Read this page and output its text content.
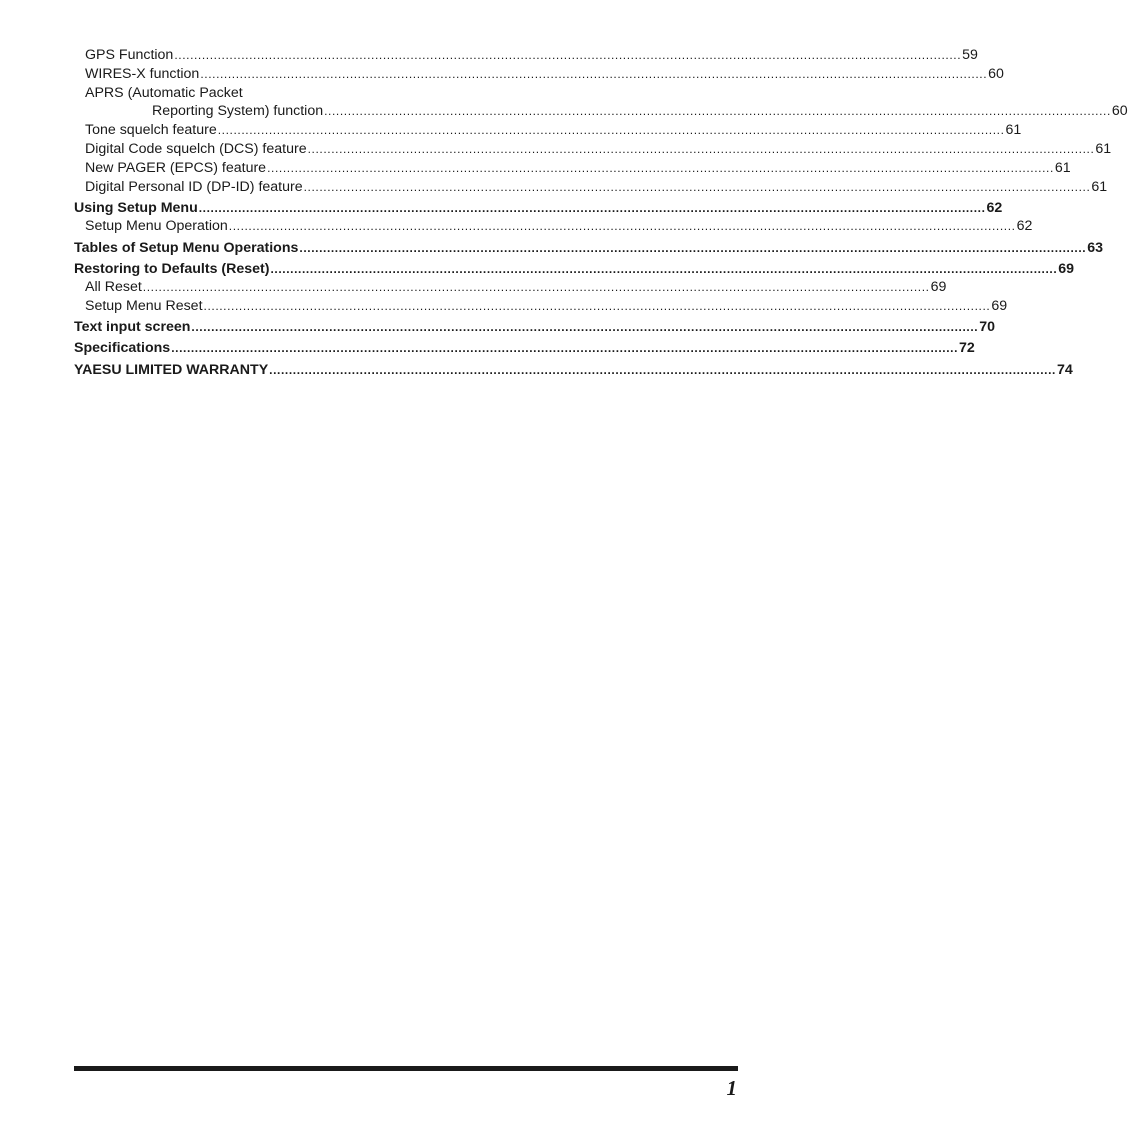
GPS Function ........................................................................................................................................................................................................ 59
WIRES-X function ........................................................................................................................................................................................................ 60
APRS (Automatic Packet
Reporting System) function ........................................................................................................................................................................................................ 60
Tone squelch feature ........................................................................................................................................................................................................ 61
Digital Code squelch (DCS) feature ........................................................................................................................................................................................................ 61
New PAGER (EPCS) feature ........................................................................................................................................................................................................ 61
Digital Personal ID (DP-ID) feature ........................................................................................................................................................................................................ 61
Using Setup Menu ........................................................................................................................................................................................................ 62
Setup Menu Operation ........................................................................................................................................................................................................ 62
Tables of Setup Menu Operations ........................................................................................................................................................................................................ 63
Restoring to Defaults (Reset) ........................................................................................................................................................................................................ 69
All Reset ........................................................................................................................................................................................................ 69
Setup Menu Reset ........................................................................................................................................................................................................ 69
Text input screen ........................................................................................................................................................................................................ 70
Specifications ........................................................................................................................................................................................................ 72
YAESU LIMITED WARRANTY ........................................................................................................................................................................................................ 74
1
